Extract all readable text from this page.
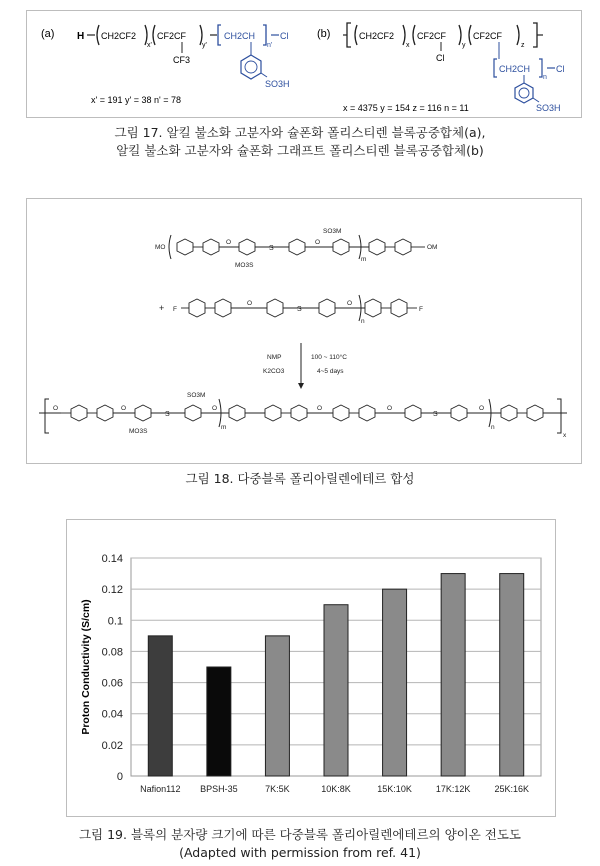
(a) H CH2CF2
x'
CF2CF
CF3
y'
CH2CH
n'
Cl
SO3H
x' = 191 y' = 38 n' = 78
(b)	CH2CF2
x
CF2CF
Cl
y
CF2CF
z
CH2CH
n
Cl
SO3H
x = 4375 y = 154 z = 116 n = 11
그림 17. 알킬 불소화 고분자와 슐폰화 폴리스티렌 블록공중합체(a),
알킬 불소화 고분자와 슐폰화 그래프트 폴리스티렌 블록공중합체(b)
MO
O
S
O
SO3M
MO3S
m
OM
+ F
O
S
O
n
F
NMP
K2CO3
100 ~ 110°C
4~5 days
O	O
S
SO3M
MO3S
O
m
O	O
S
O
n
x
그림 18. 다중블록 폴리아릴렌에테르 합성
Proton Conductivity (S/cm)
0
0.02
0.04
0.06
0.08
0.1
0.12
0.14
Nafion112 BPSH-35	7K:5K	10K:8K	15K:10K	17K:12K	25K:16K
그림 19. 블록의 분자량 크기에 따른 다중블록 폴리아릴렌에테르의 양이온 전도도
(Adapted with permission from ref. 41)
